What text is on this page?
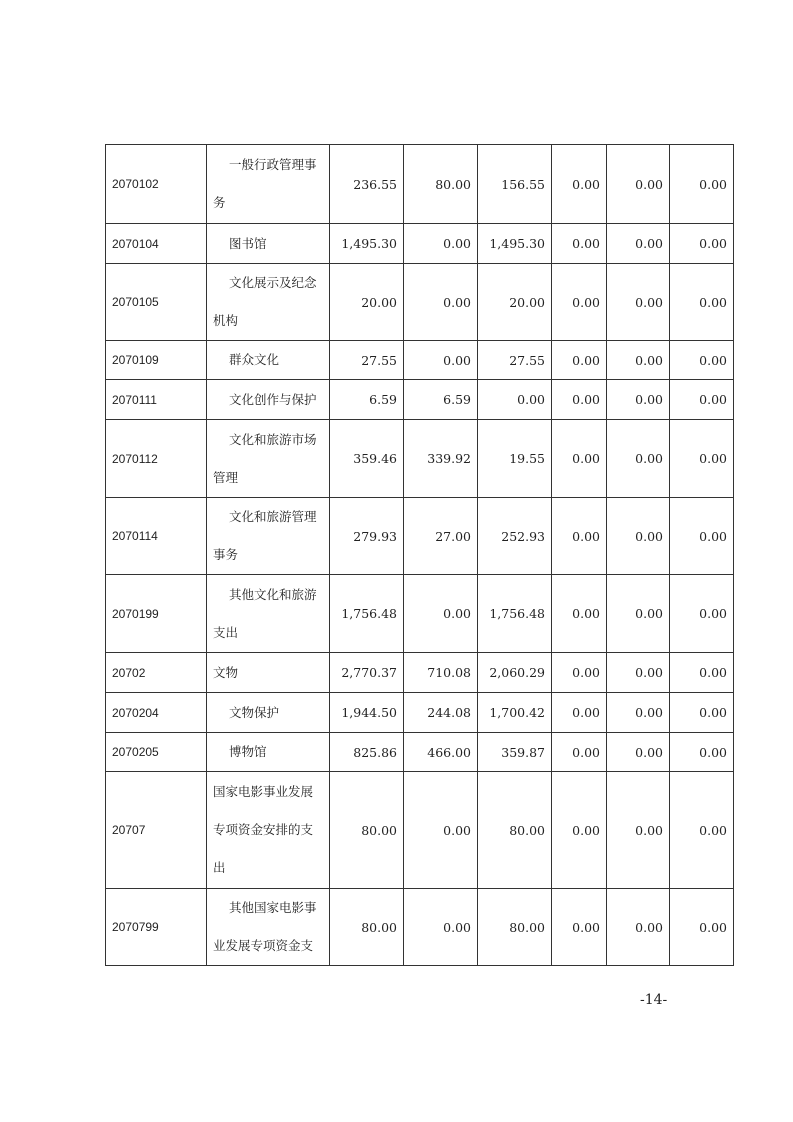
2070102	一般行政管理事务	236.55	80.00	156.55	0.00	0.00	0.00
2070104	图书馆	1,495.30	0.00	1,495.30	0.00	0.00	0.00
2070105	文化展示及纪念机构	20.00	0.00	20.00	0.00	0.00	0.00
2070109	群众文化	27.55	0.00	27.55	0.00	0.00	0.00
2070111	文化创作与保护	6.59	6.59	0.00	0.00	0.00	0.00
2070112	文化和旅游市场管理	359.46	339.92	19.55	0.00	0.00	0.00
2070114	文化和旅游管理事务	279.93	27.00	252.93	0.00	0.00	0.00
2070199	其他文化和旅游支出	1,756.48	0.00	1,756.48	0.00	0.00	0.00
20702	文物	2,770.37	710.08	2,060.29	0.00	0.00	0.00
2070204	文物保护	1,944.50	244.08	1,700.42	0.00	0.00	0.00
2070205	博物馆	825.86	466.00	359.87	0.00	0.00	0.00
20707	国家电影事业发展专项资金安排的支出	80.00	0.00	80.00	0.00	0.00	0.00
2070799	其他国家电影事业发展专项资金支	80.00	0.00	80.00	0.00	0.00	0.00
-14-
